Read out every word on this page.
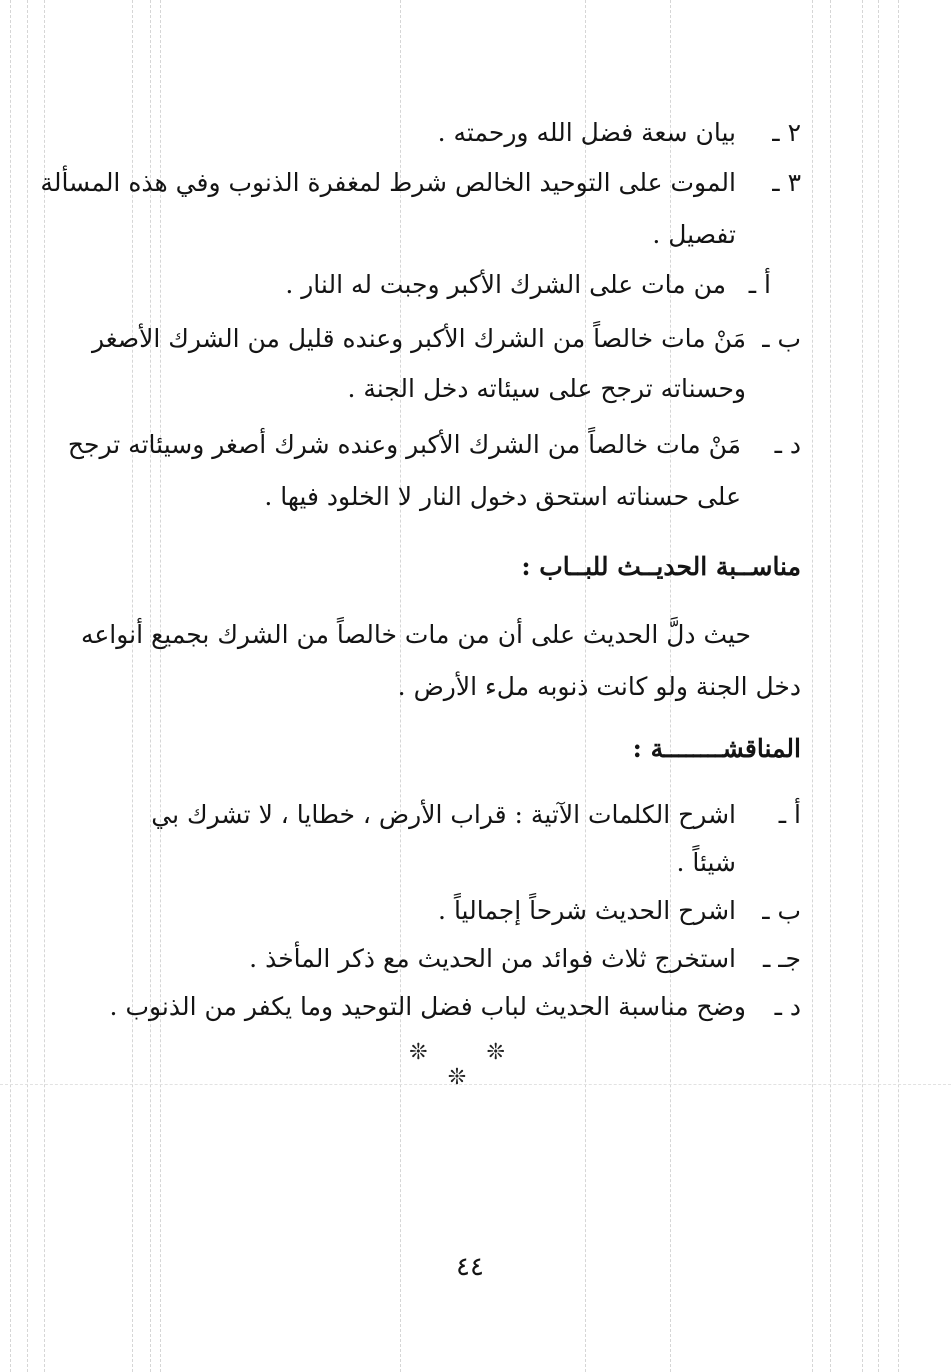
٢ ـ
بيان سعة فضل الله ورحمته .
٣ ـ
الموت على التوحيد الخالص شرط لمغفرة الذنوب وفي هذه المسألة
تفصيل .
أ ـ
من مات على الشرك الأكبر وجبت له النار .
ب ـ
مَنْ مات خالصاً من الشرك الأكبر وعنده قليل من الشرك الأصغر
وحسناته ترجح على سيئاته دخل الجنة .
د ـ
مَنْ مات خالصاً من الشرك الأكبر وعنده شرك أصغر وسيئاته ترجح
على حسناته استحق دخول النار لا الخلود فيها .
مناســبة الحديــث للبــاب :
حيث دلَّ الحديث على أن من مات خالصاً من الشرك بجميع أنواعه
دخل الجنة ولو كانت ذنوبه ملء الأرض .
المناقشــــــــة :
أ ـ
اشرح الكلمات الآتية : قراب الأرض ، خطايا ، لا تشرك بي
شيئاً .
ب ـ
اشرح الحديث شرحاً إجمالياً .
جـ ـ
استخرج ثلاث فوائد من الحديث مع ذكر المأخذ .
د ـ
وضح مناسبة الحديث لباب فضل التوحيد وما يكفر من الذنوب .
❊ ❊ ❊
٤٤
